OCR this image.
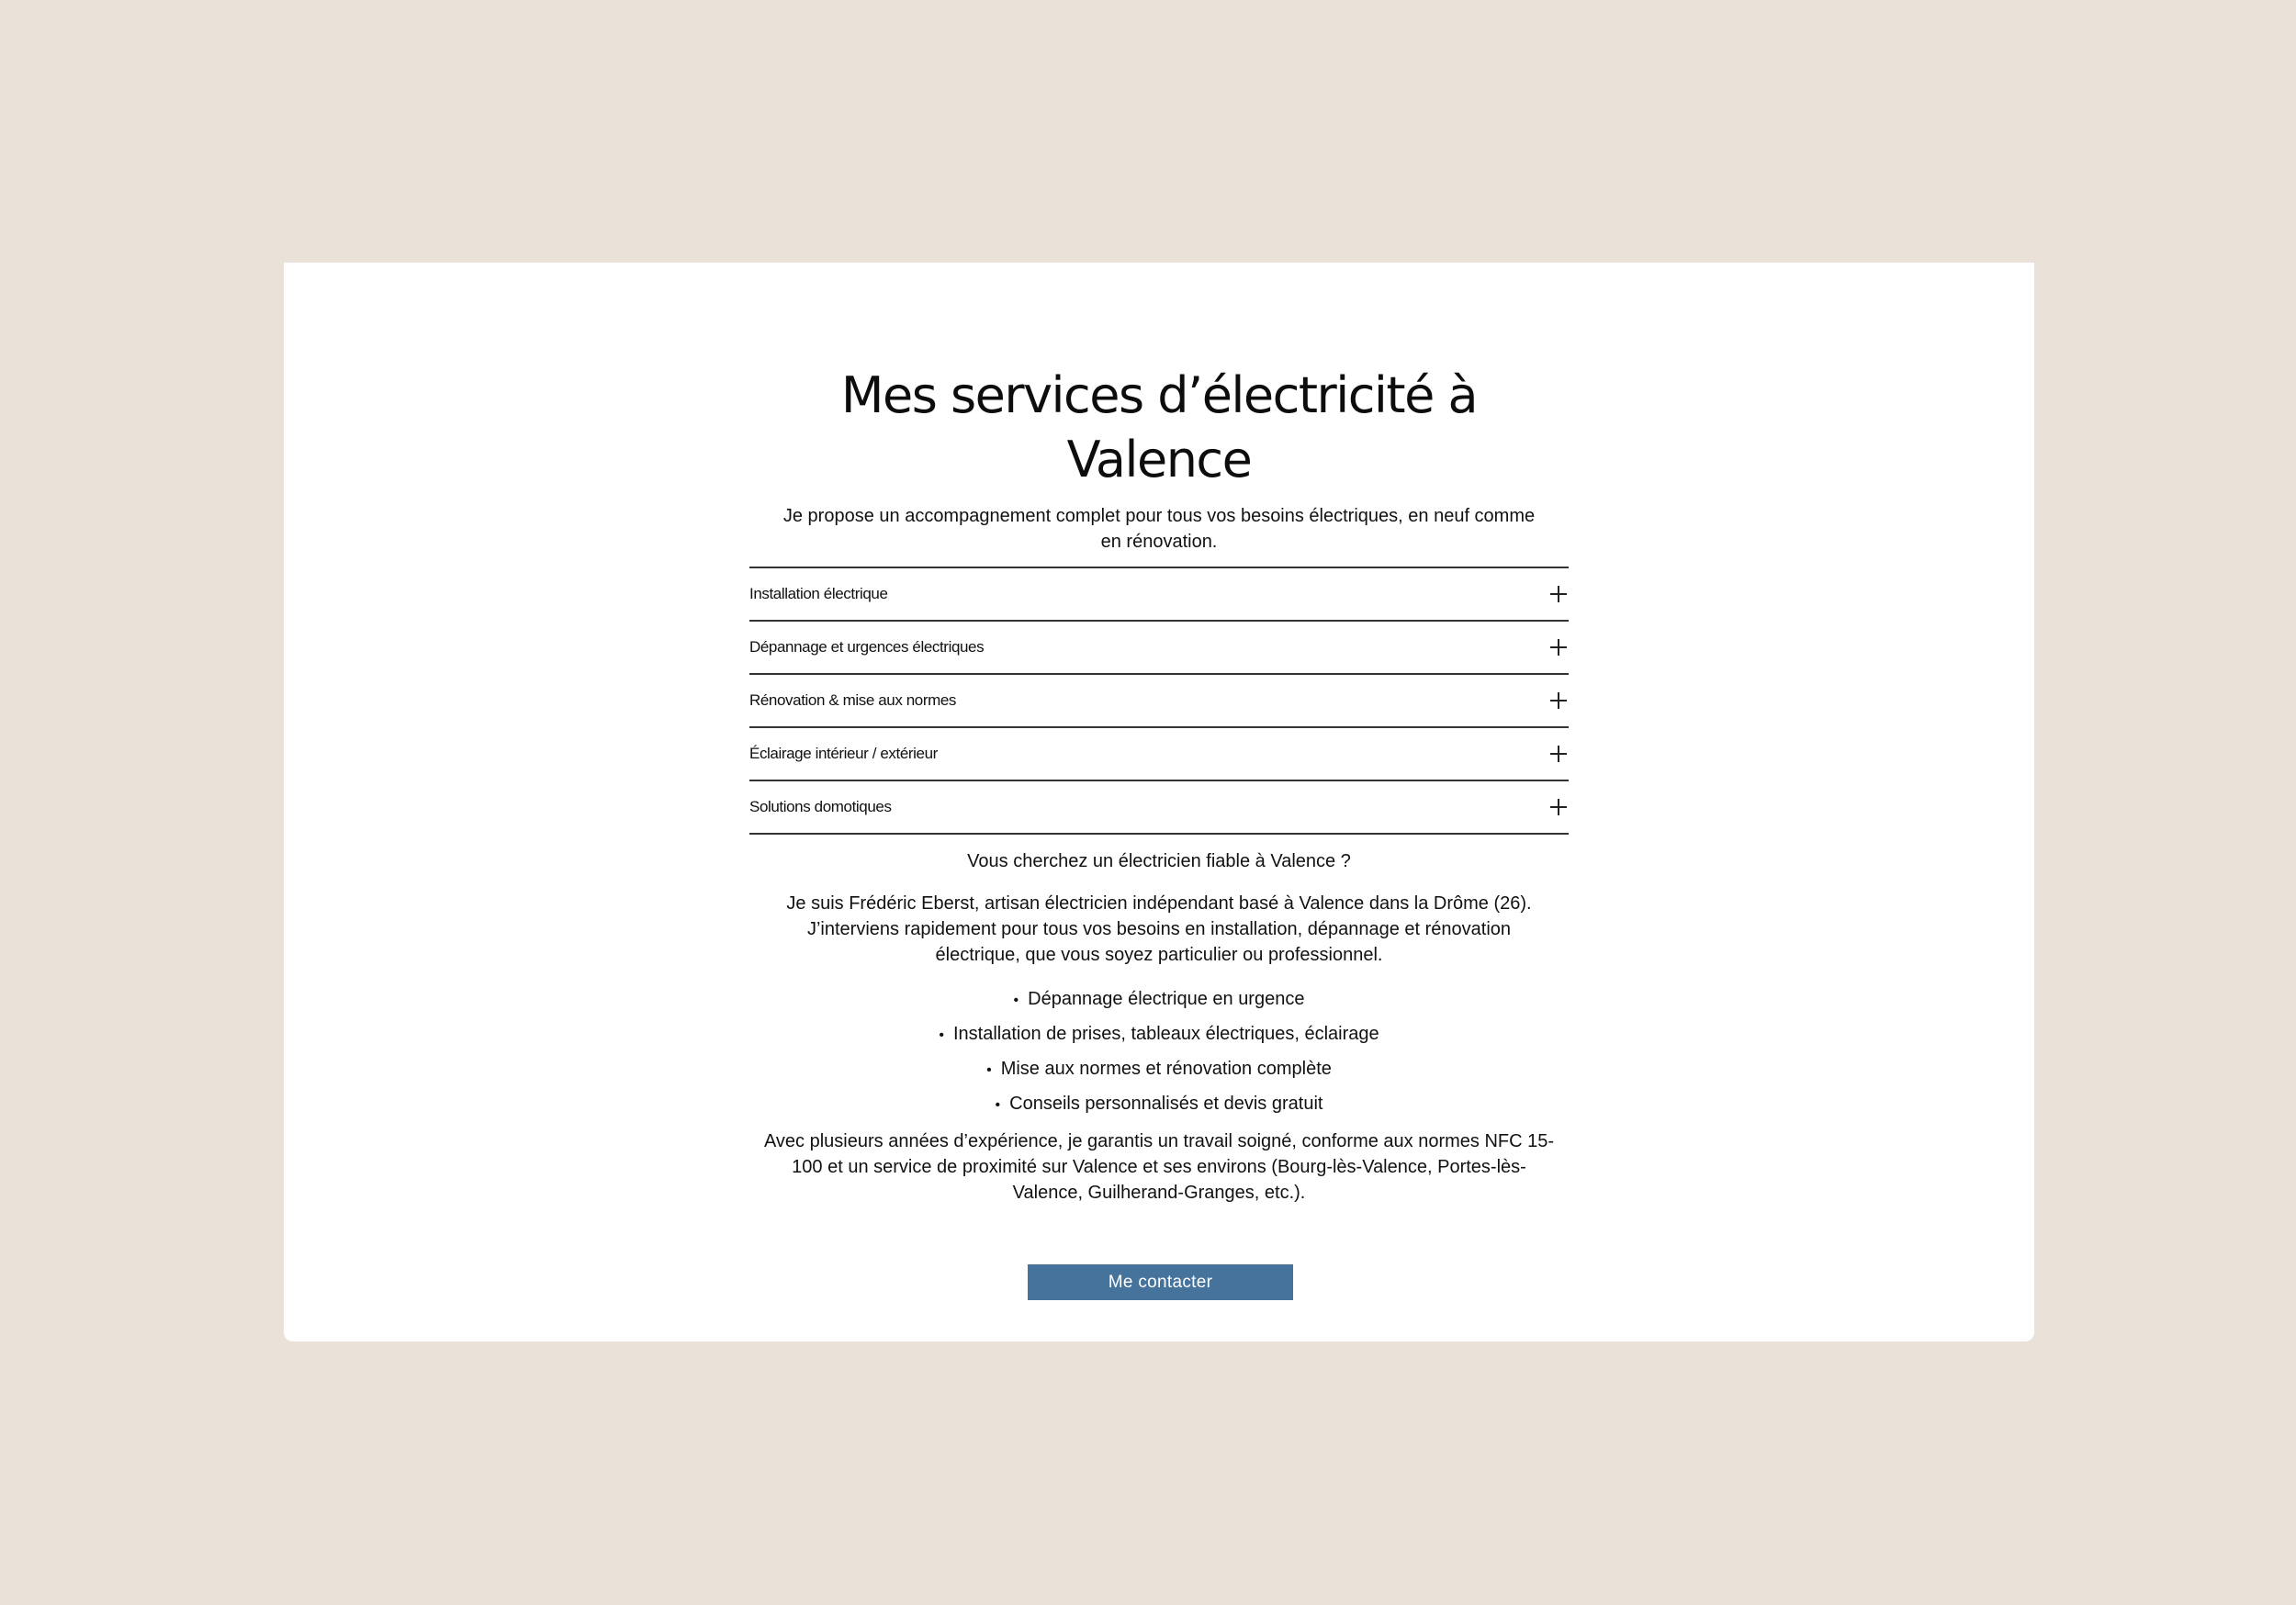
Mes services d’électricité à
Valence

Je propose un accompagnement complet pour tous vos besoins électriques, en neuf comme
en rénovation.

Installation électrique
Dépannage et urgences électriques
Rénovation & mise aux normes
Éclairage intérieur / extérieur
Solutions domotiques
Vous cherchez un électricien fiable à Valence ?

Je suis Frédéric Eberst, artisan électricien indépendant basé à Valence dans la Drôme (26).
J’interviens rapidement pour tous vos besoins en installation, dépannage et rénovation
électrique, que vous soyez particulier ou professionnel.

• Dépannage électrique en urgence
• Installation de prises, tableaux électriques, éclairage
• Mise aux normes et rénovation complète
• Conseils personnalisés et devis gratuit

Avec plusieurs années d’expérience, je garantis un travail soigné, conforme aux normes NFC 15-
100 et un service de proximité sur Valence et ses environs (Bourg-lès-Valence, Portes-lès-
Valence, Guilherand-Granges, etc.).

Me contacter
